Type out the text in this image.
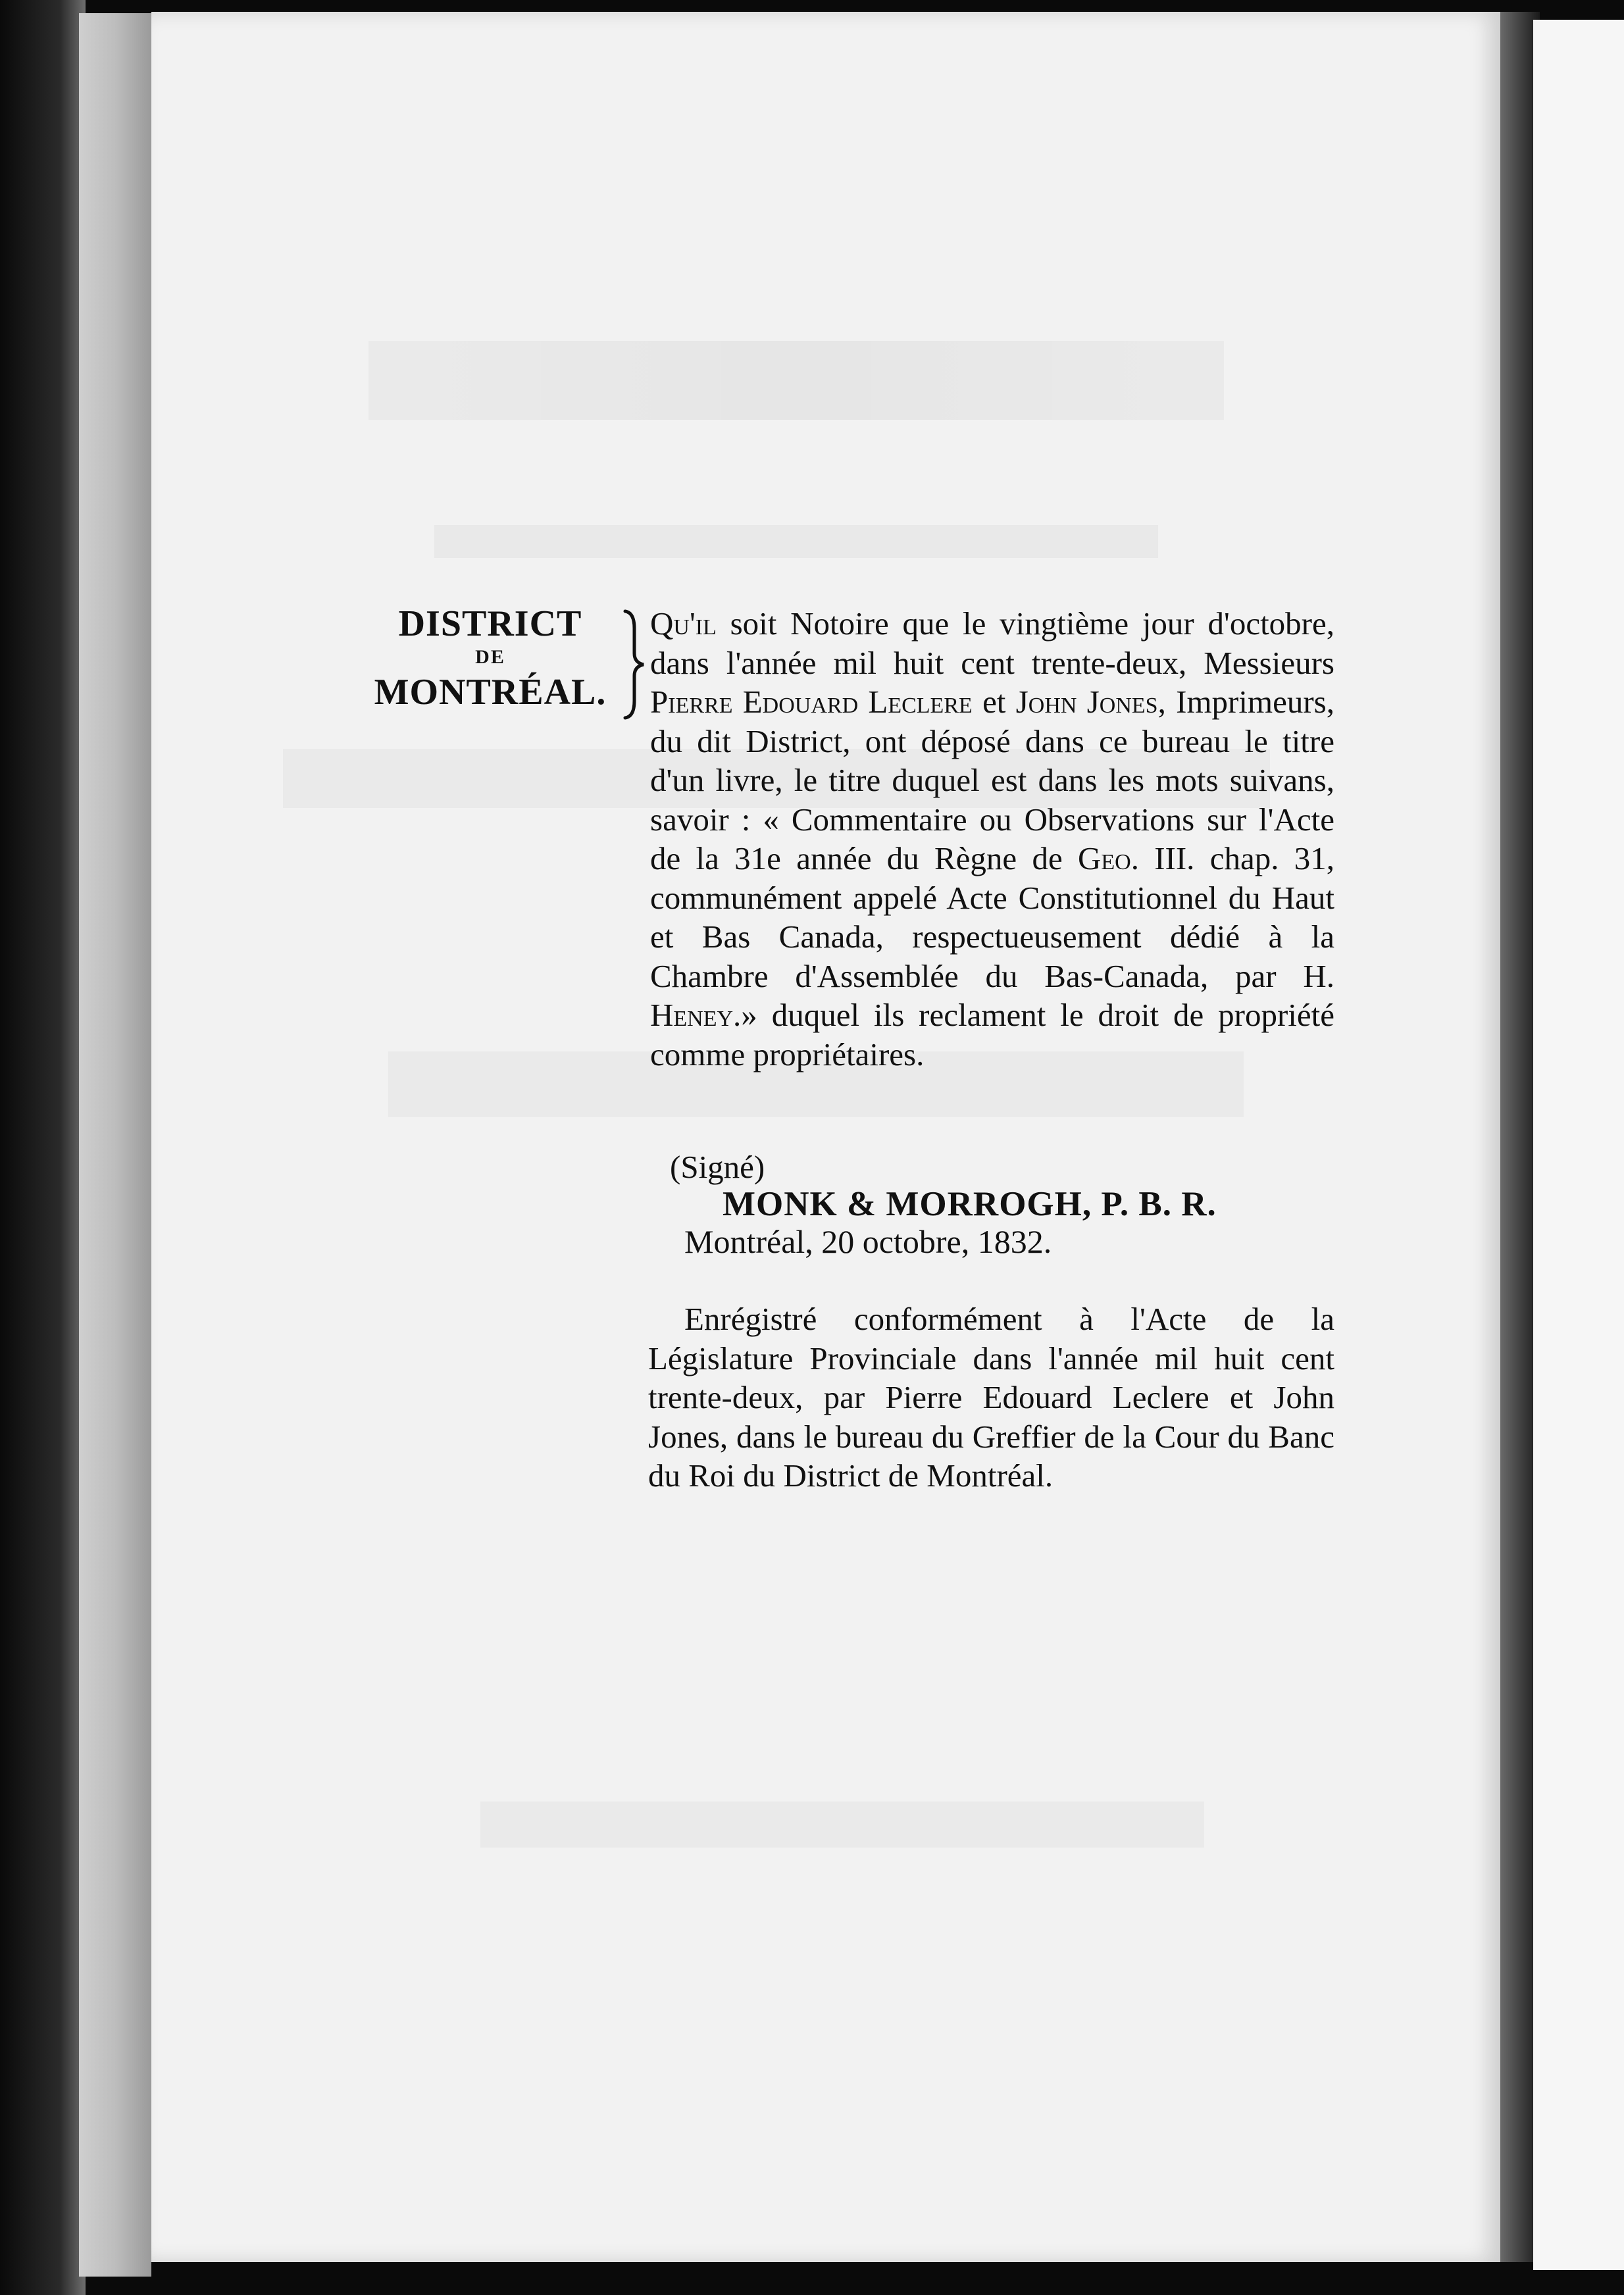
DISTRICT
DE
MONTRÉAL.
Qu'il soit Notoire que le vingtième jour d'octobre, dans l'année mil huit cent trente-deux, Messieurs Pierre Edouard Leclere et John Jones, Imprimeurs, du dit District, ont déposé dans ce bureau le titre d'un livre, le titre duquel est dans les mots suivans, savoir : « Commentaire ou Observations sur l'Acte de la 31e année du Règne de Geo. III. chap. 31, communément appelé Acte Constitutionnel du Haut et Bas Canada, respectueusement dédié à la Chambre d'Assemblée du Bas-Canada, par H. Heney.» duquel ils reclament le droit de propriété comme propriétaires.
(Signé)
MONK & MORROGH, P. B. R.
Montréal, 20 octobre, 1832.
Enrégistré conformément à l'Acte de la Législature Provinciale dans l'année mil huit cent trente-deux, par Pierre Edouard Leclere et John Jones, dans le bureau du Greffier de la Cour du Banc du Roi du District de Montréal.
